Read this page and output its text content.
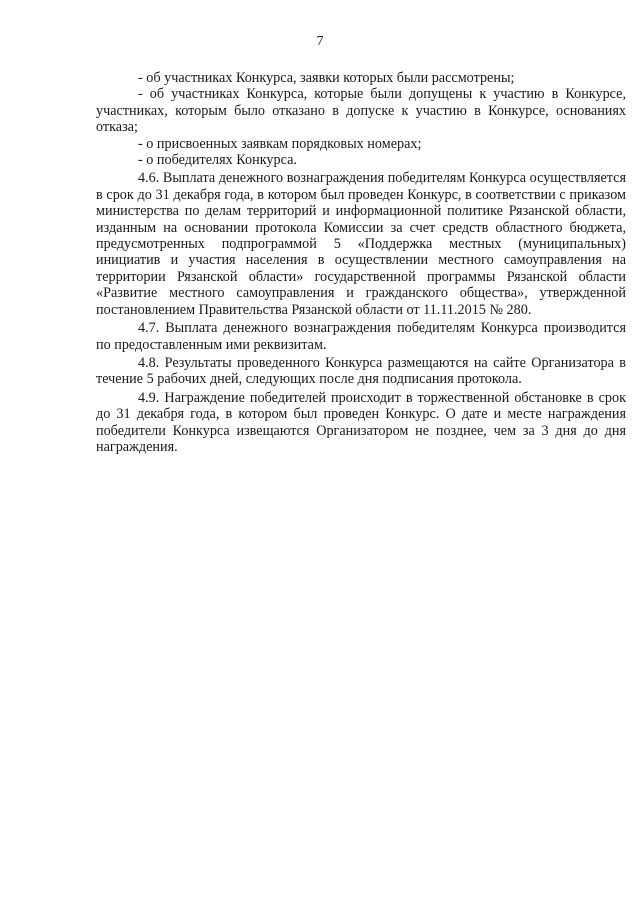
7

- об участниках Конкурса, заявки которых были рассмотрены;

- об участниках Конкурса, которые были допущены к участию в Конкурсе, участниках, которым было отказано в допуске к участию в Конкурсе, основаниях отказа;

- о присвоенных заявкам порядковых номерах;

- о победителях Конкурса.

4.6. Выплата денежного вознаграждения победителям Конкурса осуществляется в срок до 31 декабря года, в котором был проведен Конкурс, в соответствии с приказом министерства по делам территорий и информационной политике Рязанской области, изданным на основании протокола Комиссии за счет средств областного бюджета, предусмотренных подпрограммой 5 «Поддержка местных (муниципальных) инициатив и участия населения в осуществлении местного самоуправления на территории Рязанской области» государственной программы Рязанской области «Развитие местного самоуправления и гражданского общества», утвержденной постановлением Правительства Рязанской области от 11.11.2015 № 280.

4.7. Выплата денежного вознаграждения победителям Конкурса производится по предоставленным ими реквизитам.

4.8. Результаты проведенного Конкурса размещаются на сайте Организатора в течение 5 рабочих дней, следующих после дня подписания протокола.

4.9. Награждение победителей происходит в торжественной обстановке в срок до 31 декабря года, в котором был проведен Конкурс. О дате и месте награждения победители Конкурса извещаются Организатором не позднее, чем за 3 дня до дня награждения.
